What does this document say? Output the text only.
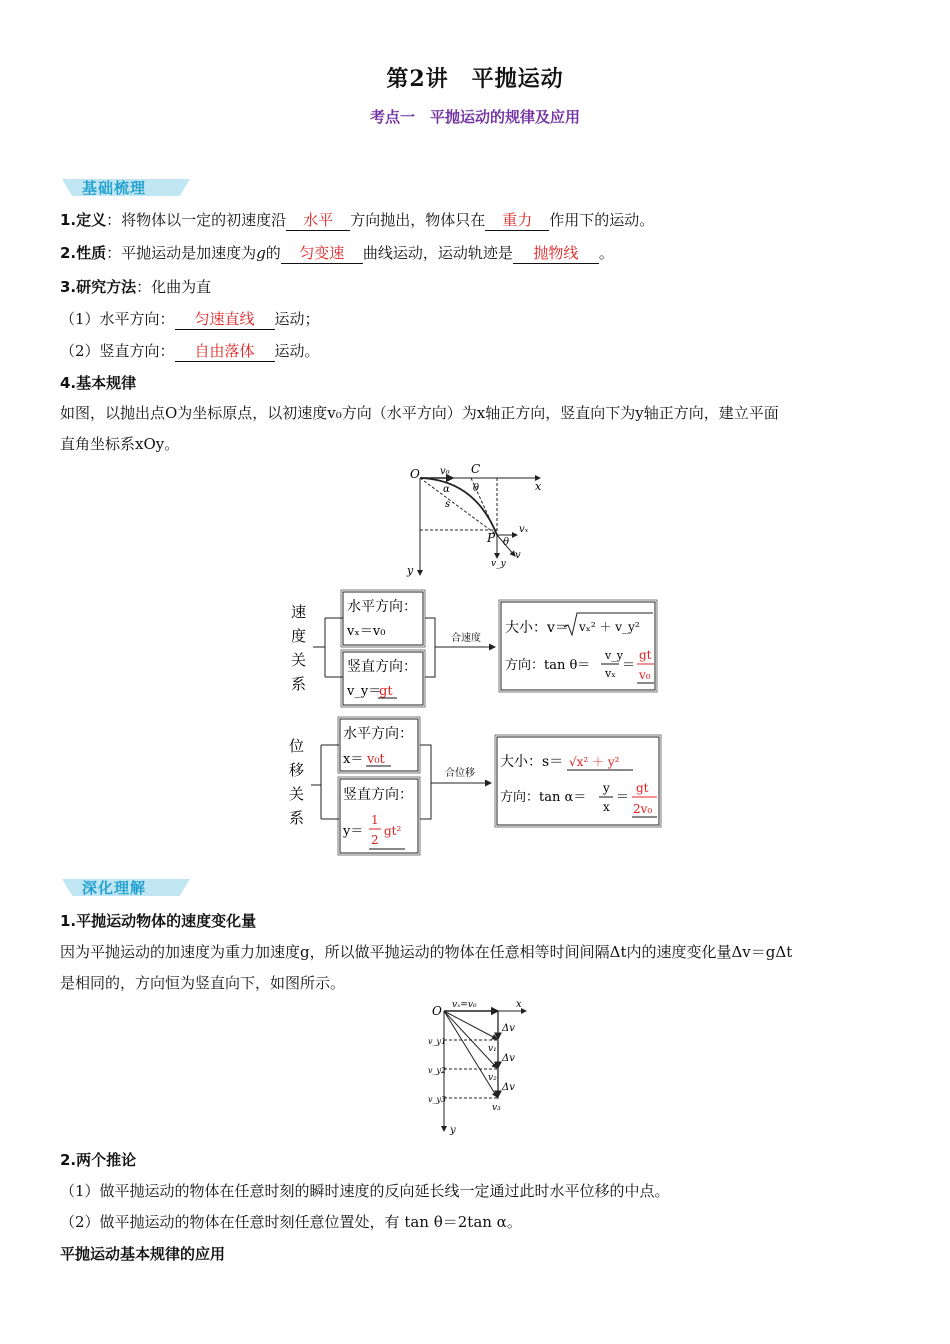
第2讲　平抛运动
考点一　平抛运动的规律及应用
基础梳理
1.定义：将物体以一定的初速度沿 水平 方向抛出，物体只在 重力 作用下的运动。
2.性质：平抛运动是加速度为g的 匀变速 曲线运动，运动轨迹是 抛物线 。
3.研究方法：化曲为直
（1）水平方向： 匀速直线 运动；
（2）竖直方向： 自由落体 运动。
4.基本规律
如图，以抛出点O为坐标原点，以初速度v₀方向（水平方向）为x轴正方向，竖直向下为y轴正方向，建立平面
直角坐标系xOy。
O v₀ C
x
α θ
s
vₓ
P θ
v_y
v
y
速
度
关
系
水平方向：
vₓ＝v₀
竖直方向：
v_y＝
gt
合速度
大小：v＝ vₓ² ＋ v_y²
方向：tan θ＝
v_y
vₓ
＝
gt
v₀
位
移
关
系
水平方向：
x＝ v₀t
竖直方向：
y＝
1
2
gt²
合位移
大小：s＝ √x² ＋ y²
方向：tan α＝
y
x
＝
gt
2v₀
深化理解
1.平抛运动物体的速度变化量
因为平抛运动的加速度为重力加速度g，所以做平抛运动的物体在任意相等时间间隔Δt内的速度变化量Δv＝gΔt
是相同的，方向恒为竖直向下，如图所示。
O vₓ=v₀	x
Δv
Δv
Δv
v₁
v₂
v₃
v_y1
v_y2
v_y3
y
2.两个推论
（1）做平抛运动的物体在任意时刻的瞬时速度的反向延长线一定通过此时水平位移的中点。
（2）做平抛运动的物体在任意时刻任意位置处，有 tan θ＝2tan α。
平抛运动基本规律的应用
